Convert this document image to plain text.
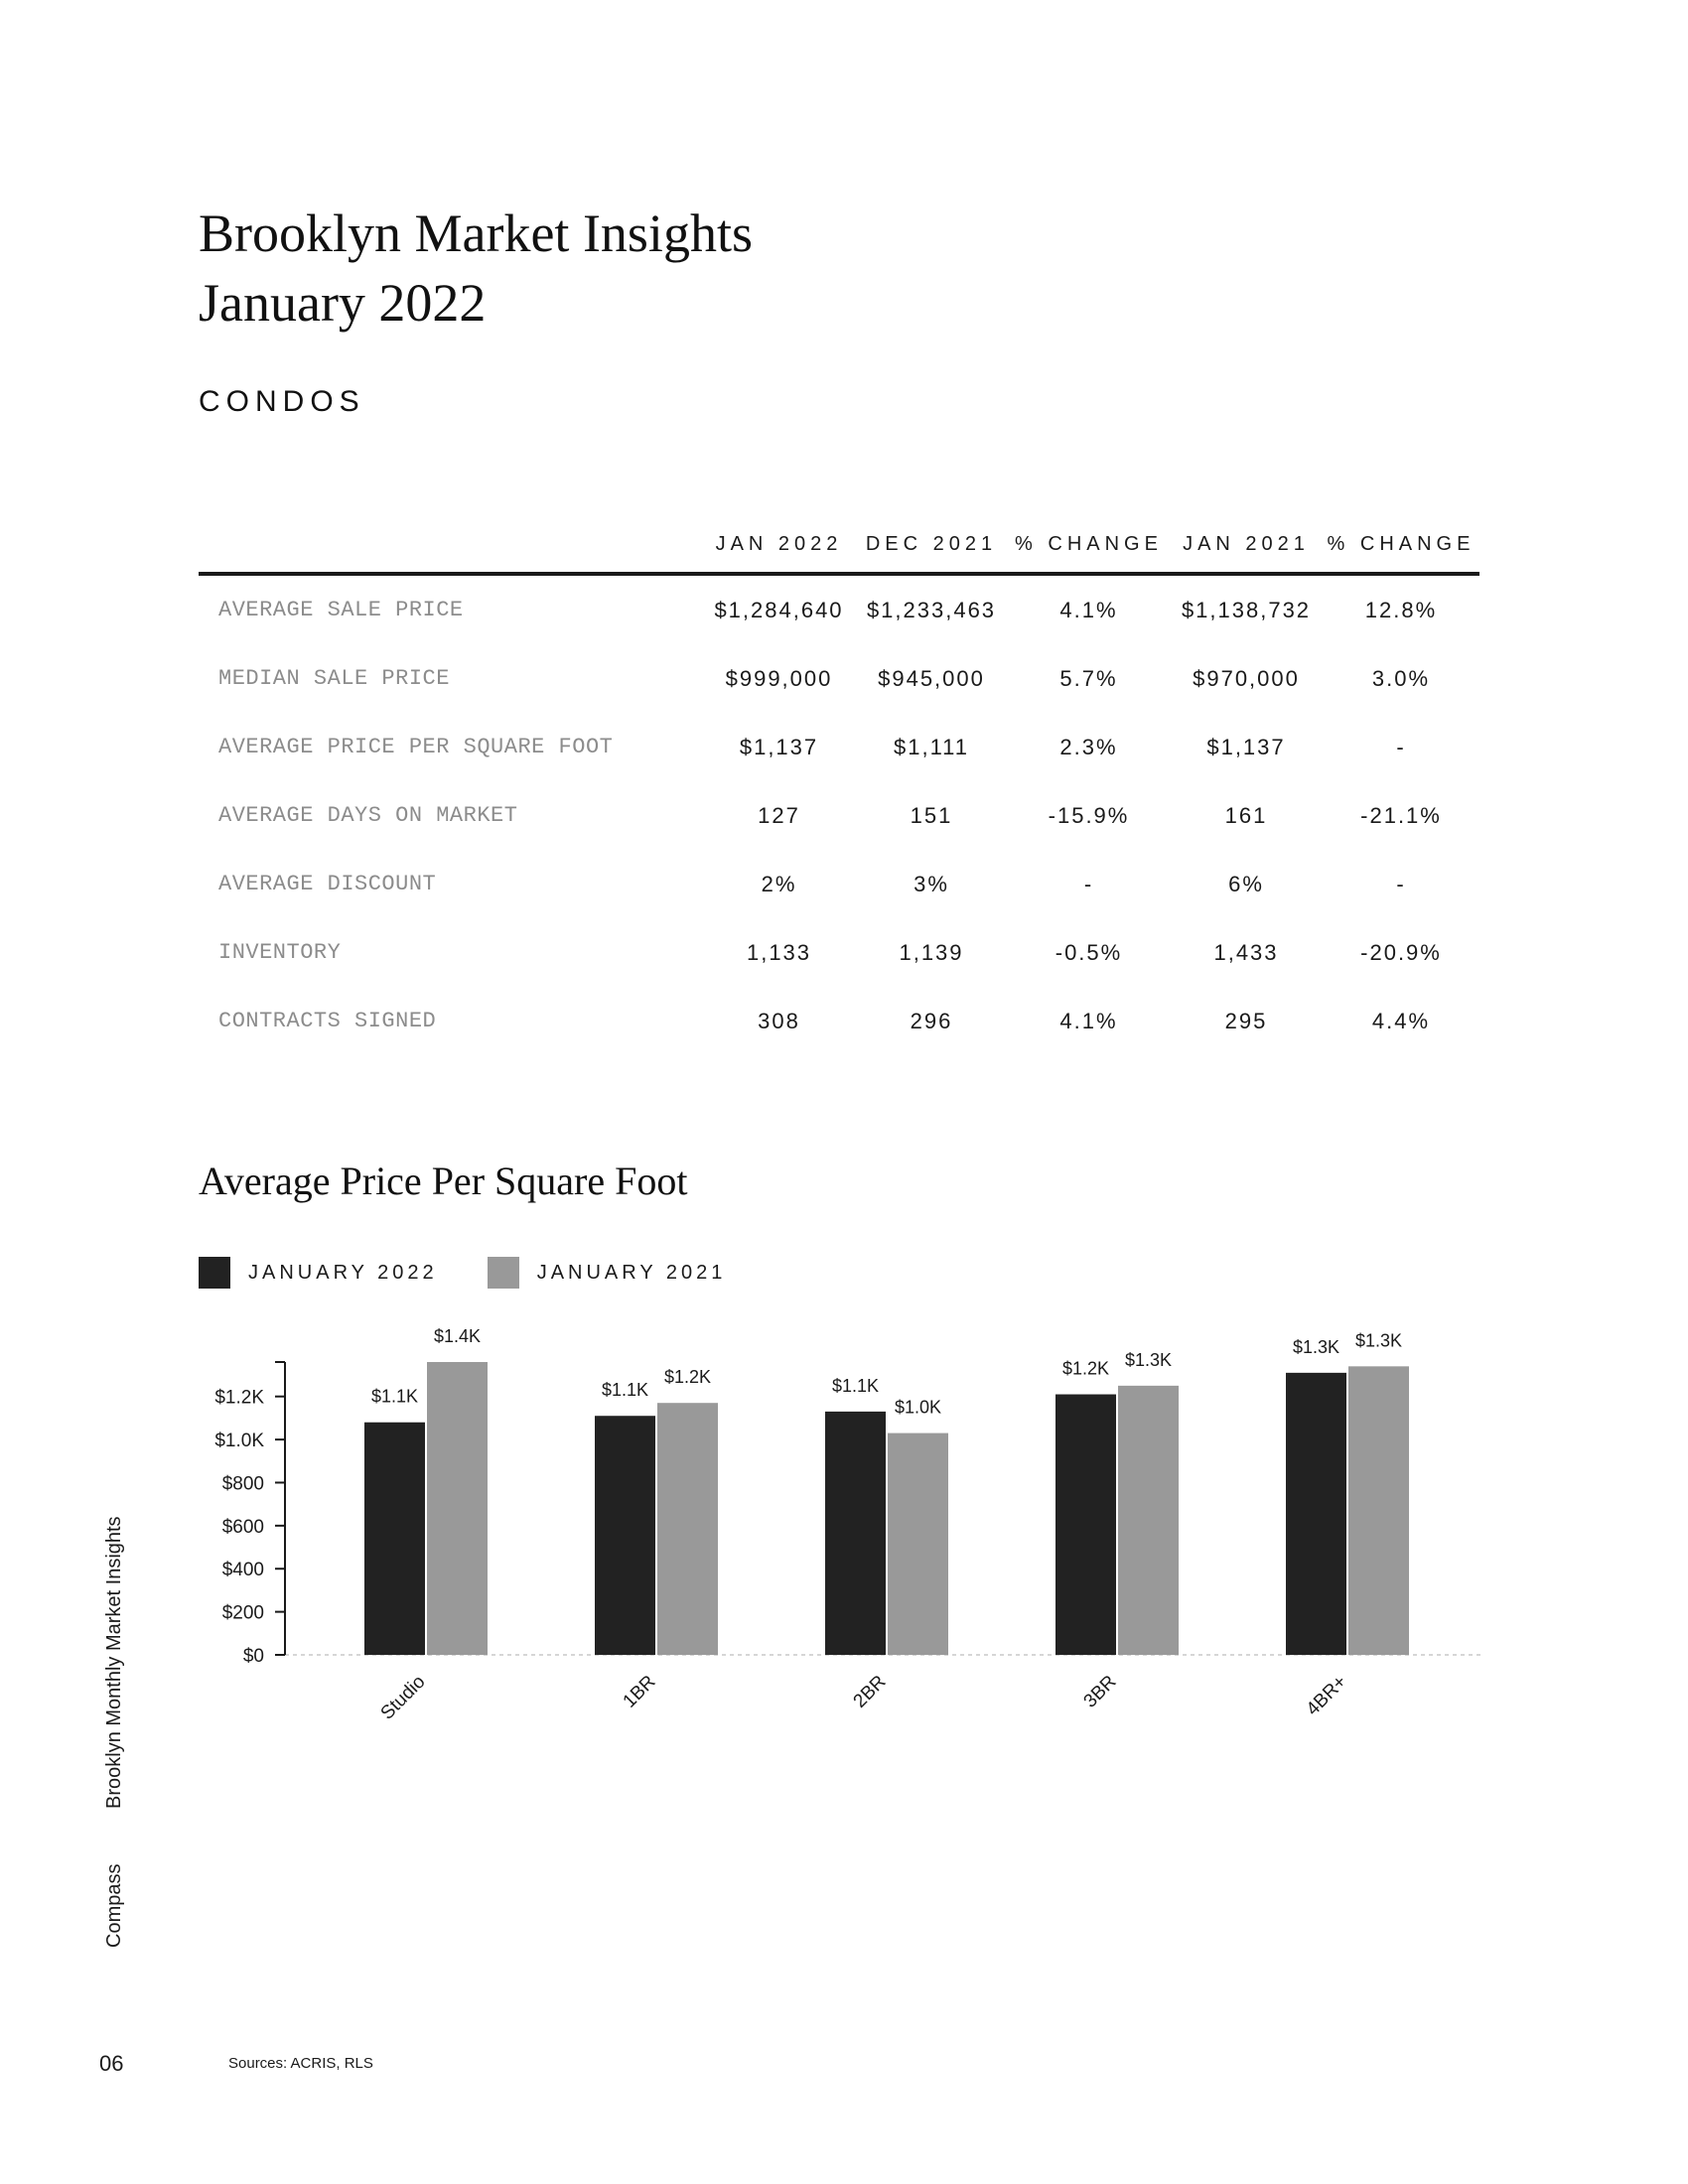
Brooklyn Market Insights
January 2022
CONDOS
	JAN 2022	DEC 2021	% CHANGE	JAN 2021	% CHANGE
AVERAGE SALE PRICE	$1,284,640	$1,233,463	4.1%	$1,138,732	12.8%
MEDIAN SALE PRICE	$999,000	$945,000	5.7%	$970,000	3.0%
AVERAGE PRICE PER SQUARE FOOT	$1,137	$1,111	2.3%	$1,137	-
AVERAGE DAYS ON MARKET	127	151	-15.9%	161	-21.1%
AVERAGE DISCOUNT	2%	3%	-	6%	-
INVENTORY	1,133	1,139	-0.5%	1,433	-20.9%
CONTRACTS SIGNED	308	296	4.1%	295	4.4%
Average Price Per Square Foot
JANUARY 2022	JANUARY 2021
$0
$200
$400
$600
$800
$1.0K
$1.2K	$1.1K
$1.4K
Studio
$1.1K
$1.2K
1BR
$1.1K
$1.0K
2BR
$1.2K $1.3K
3BR
$1.3K $1.3K
4BR+
Compass
Brooklyn Monthly Market Insights
06	Sources: ACRIS, RLS
